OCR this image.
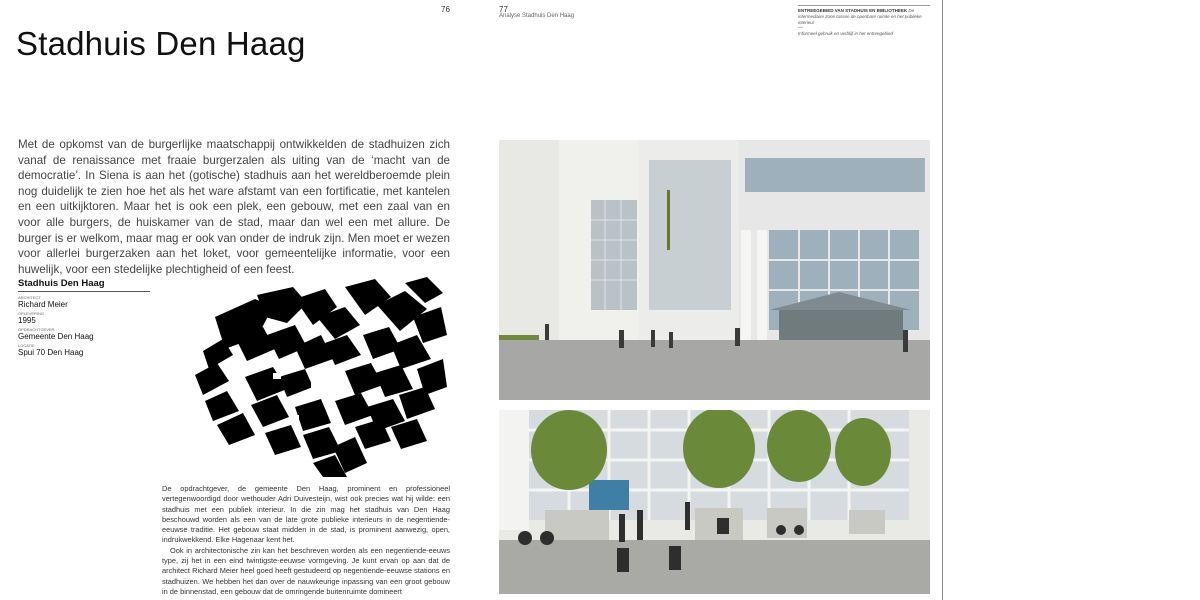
76	77
Analyse Stadhuis Den Haag
ENTREEGEBIED VAN STADHUIS EN BIBLIOTHEEK De intermediaire zone tussen de openbare ruimte en het publieke interieur
—
Informeel gebruik en verblijf in het entreegebied
Stadhuis Den Haag
Met de opkomst van de burgerlijke maatschappij ontwikkelden de stadhuizen zich vanaf de renaissance met fraaie burgerzalen als uiting van de ‘macht van de democratie’. In Siena is aan het (gotische) stadhuis aan het wereldberoemde plein nog duidelijk te zien hoe het als het ware afstamt van een fortificatie, met kantelen en een uitkijktoren. Maar het is ook een plek, een gebouw, met een zaal van en voor alle burgers, de huiskamer van de stad, maar dan wel een met allure. De burger is er welkom, maar mag er ook van onder de indruk zijn. Men moet er wezen voor allerlei burgerzaken aan het loket, voor gemeentelijke informatie, voor een huwelijk, voor een stedelijke plechtigheid of een feest.
Stadhuis Den Haag
ARCHITECT
Richard Meier
OPLEVERING
1995
OPDRACHTGEVER
Gemeente Den Haag
LOCATIE
Spui 70 Den Haag

De opdrachtgever, de gemeente Den Haag, prominent en professioneel vertegenwoordigd door wethouder Adri Duivesteijn, wist ook precies wat hij wilde: een stadhuis met een publiek interieur. In die zin mag het stadhuis van Den Haag beschouwd worden als een van de late grote publieke interieurs in de negentiende-eeuwse traditie. Het gebouw staat midden in de stad, is prominent aanwezig, open, indrukwekkend. Elke Hagenaar kent het.

Ook in architectonische zin kan het beschreven worden als een negentiende-eeuws type, zij het in een eind twintigste-eeuwse vormgeving. Je kunt ervan op aan dat de architect Richard Meier heel goed heeft gestudeerd op negentiende-eeuwse stations en stadhuizen. We hebben het dan over de nauwkeurige inpassing van een groot gebouw in de binnenstad, een gebouw dat de omringende buitenruimte domineert
